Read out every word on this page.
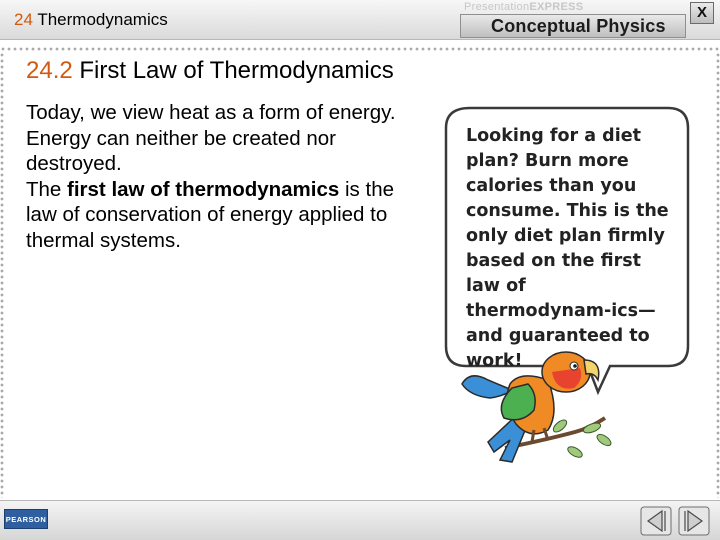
24 Thermodynamics
PresentationEXPRESS
Conceptual Physics
X
24.2 First Law of Thermodynamics

Today, we view heat as a form of energy.

Energy can neither be created nor destroyed.

The first law of thermodynamics is the law of conservation of energy applied to thermal systems.

Looking for a diet plan? Burn more calories than you consume. This is the only diet plan firmly based on the first law of thermodynam-ics—and guaranteed to work!
PEARSON
